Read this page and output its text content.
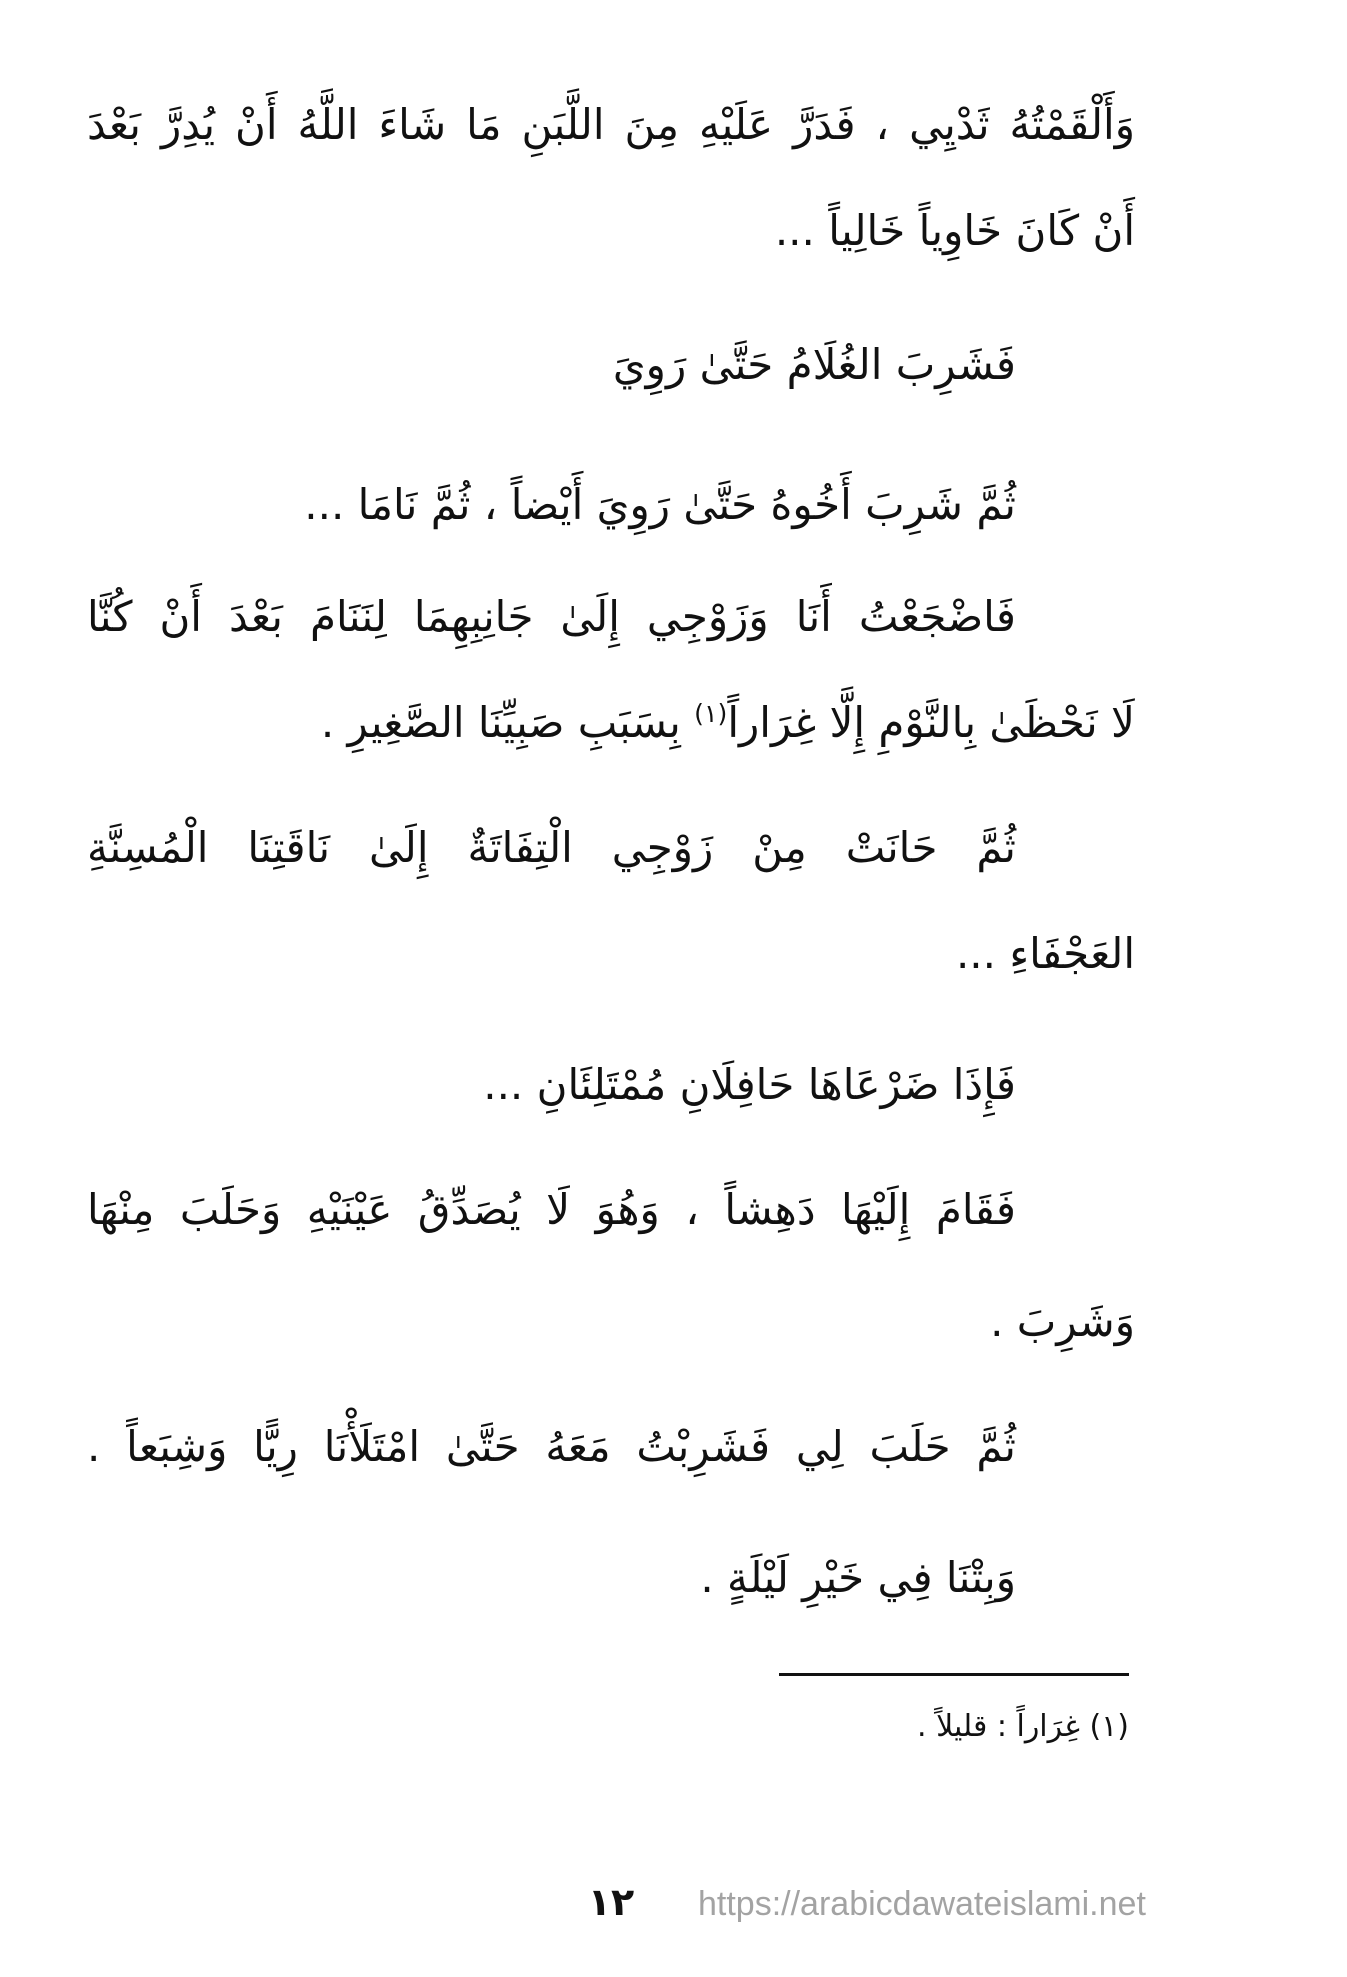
وَأَلْقَمْتُهُ ثَدْيِي ، فَدَرَّ عَلَيْهِ مِنَ اللَّبَنِ مَا شَاءَ اللَّهُ أَنْ يُدِرَّ بَعْدَ
أَنْ كَانَ خَاوِياً خَالِياً ...
فَشَرِبَ الغُلَامُ حَتَّىٰ رَوِيَ
ثُمَّ شَرِبَ أَخُوهُ حَتَّىٰ رَوِيَ أَيْضاً ، ثُمَّ نَامَا ...
فَاضْجَعْتُ أَنَا وَزَوْجِي إِلَىٰ جَانِبِهِمَا لِنَنَامَ بَعْدَ أَنْ كُنَّا
لَا نَحْظَىٰ بِالنَّوْمِ إِلَّا غِرَاراً$^{(١)}$ بِسَبَبِ صَبِيِّنَا الصَّغِيرِ .
ثُمَّ حَانَتْ مِنْ زَوْجِي الْتِفَاتَةٌ إِلَىٰ نَاقَتِنَا الْمُسِنَّةِ
العَجْفَاءِ ...
فَإِذَا ضَرْعَاهَا حَافِلَانِ مُمْتَلِئَانِ ...
فَقَامَ إِلَيْهَا دَهِشاً ، وَهُوَ لَا يُصَدِّقُ عَيْنَيْهِ وَحَلَبَ مِنْهَا
وَشَرِبَ .
ثُمَّ حَلَبَ لِي فَشَرِبْتُ مَعَهُ حَتَّىٰ امْتَلَأْنَا رِيًّا وَشِبَعاً .
وَبِتْنَا فِي خَيْرِ لَيْلَةٍ .
(١) غِرَاراً : قليلاً .
١٢	https://arabicdawateislami.net
